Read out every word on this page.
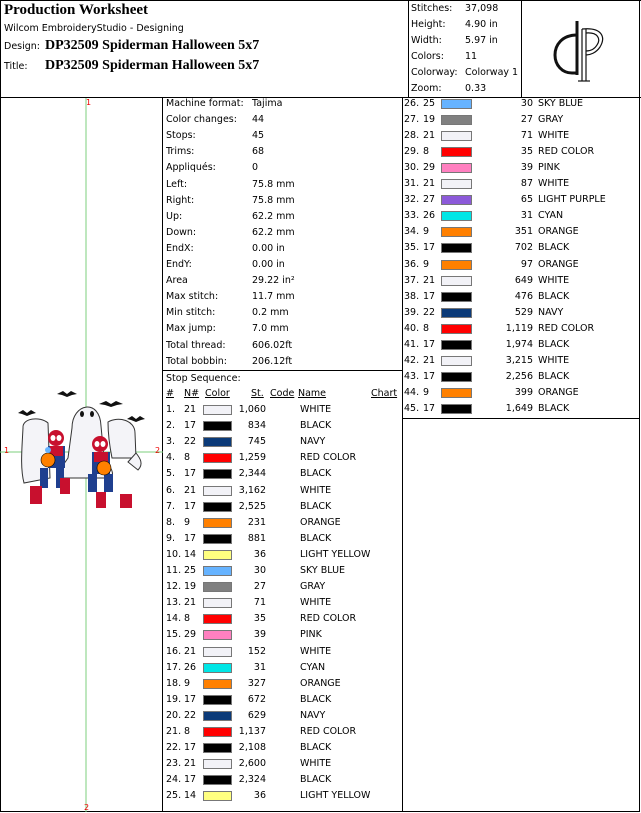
Production Worksheet
Wilcom EmbroideryStudio - Designing
Design: DP32509 Spiderman Halloween 5x7
Title: DP32509 Spiderman Halloween 5x7
Stitches: 37,098
Height: 4.90 in
Width: 5.97 in
Colors: 11
Colorway: Colorway 1
Zoom: 0.33
1
1	2
2
Stop Sequence:
# N# Color St. Code Name	Chart
Machine format: Tajima
Color changes: 44
Stops:	45
Trims:	68
Appliqués:	0
Left:	75.8 mm
Right:	75.8 mm
Up:	62.2 mm
Down:	62.2 mm
EndX:	0.00 in
EndY:	0.00 in
Area	29.22 in²
Max stitch:	11.7 mm
Min stitch:	0.2 mm
Max jump:	7.0 mm
Total thread:	606.02ft
Total bobbin:	206.12ft
1. 21	1,060	WHITE
2. 17	834	BLACK
3. 22	745	NAVY
4. 8	1,259	RED COLOR
5. 17	2,344	BLACK
6. 21	3,162	WHITE
7. 17	2,525	BLACK
8. 9	231	ORANGE
9. 17	881	BLACK
10. 14	36	LIGHT YELLOW
11. 25	30	SKY BLUE
12. 19	27	GRAY
13. 21	71	WHITE
14. 8	35	RED COLOR
15. 29	39	PINK
16. 21	152	WHITE
17. 26	31	CYAN
18. 9	327	ORANGE
19. 17	672	BLACK
20. 22	629	NAVY
21. 8	1,137	RED COLOR
22. 17	2,108	BLACK
23. 21	2,600	WHITE
24. 17	2,324	BLACK
25. 14	36	LIGHT YELLOW
26. 25	30 SKY BLUE
27. 19	27 GRAY
28. 21	71 WHITE
29. 8	35 RED COLOR
30. 29	39 PINK
31. 21	87 WHITE
32. 27	65 LIGHT PURPLE
33. 26	31 CYAN
34. 9	351 ORANGE
35. 17	702 BLACK
36. 9	97 ORANGE
37. 21	649 WHITE
38. 17	476 BLACK
39. 22	529 NAVY
40. 8	1,119 RED COLOR
41. 17	1,974 BLACK
42. 21	3,215 WHITE
43. 17	2,256 BLACK
44. 9	399 ORANGE
45. 17	1,649 BLACK
